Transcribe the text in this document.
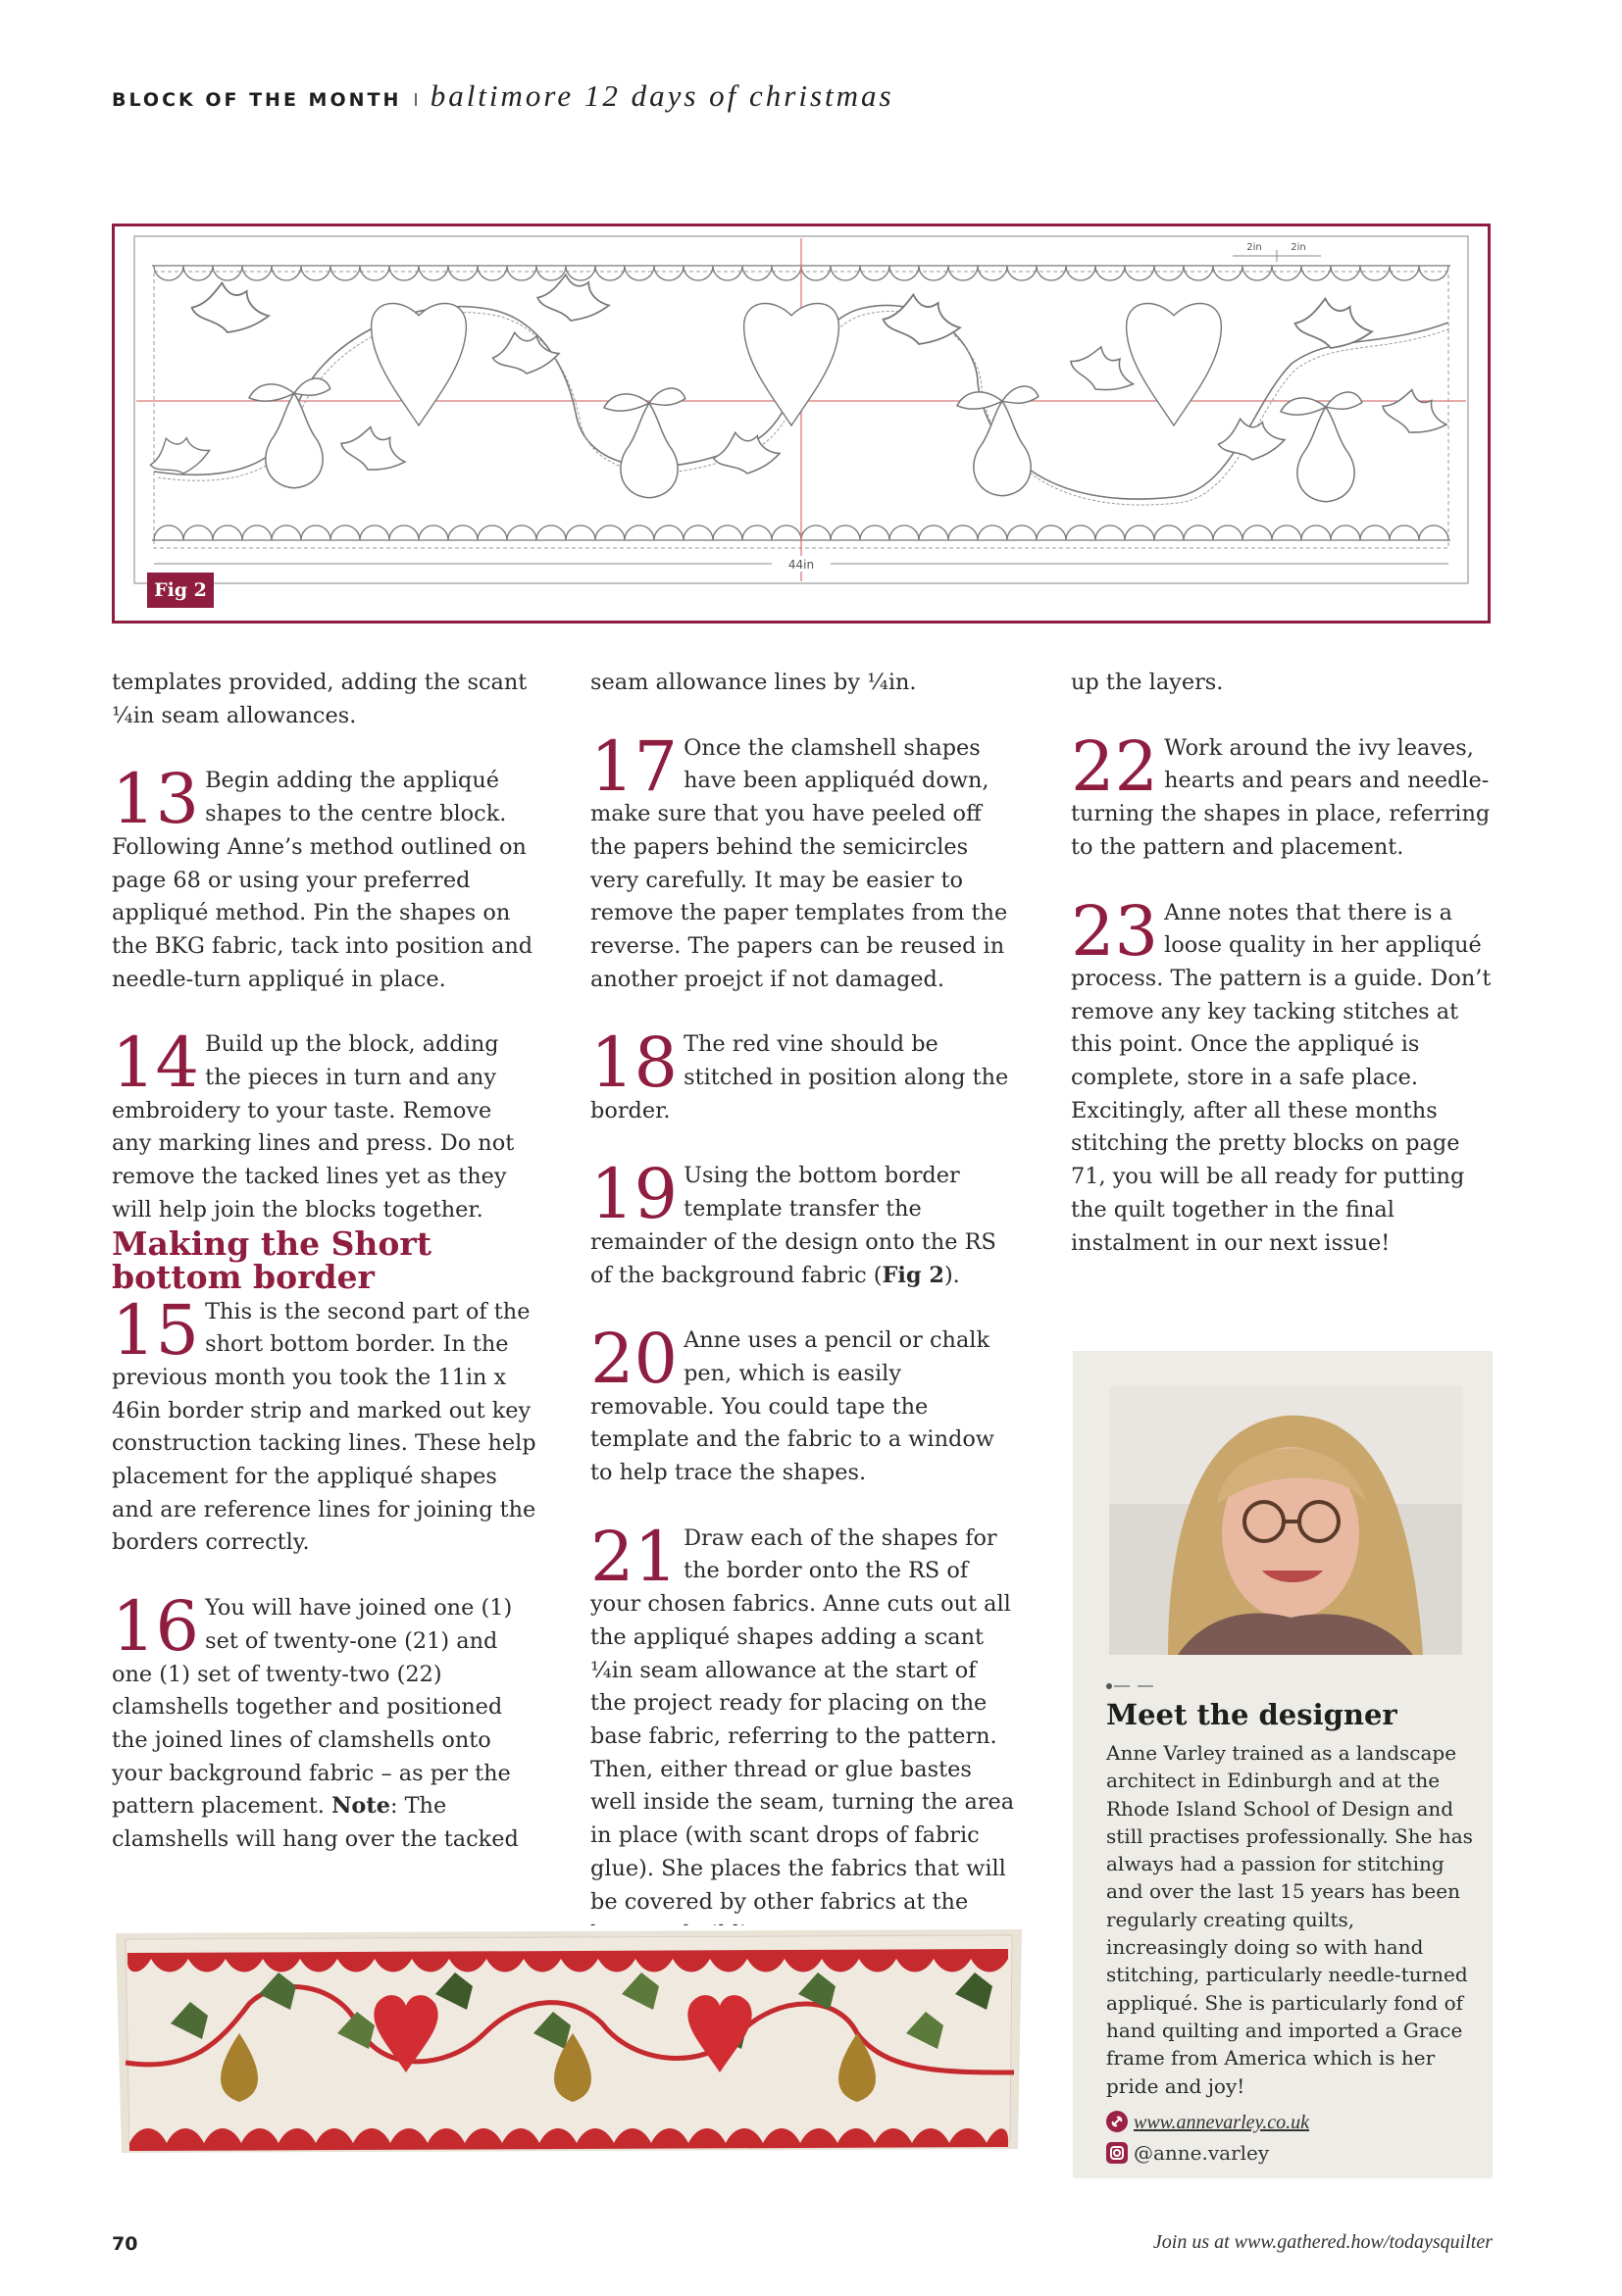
BLOCK OF THE MONTH I baltimore 12 days of christmas
44in
2in	2in
Fig 2

templates provided, adding the scant ¼in seam allowances.

13 Begin adding the appliqué shapes to the centre block. Following Anne’s method outlined on page 68 or using your preferred appliqué method. Pin the shapes on the BKG fabric, tack into position and needle-turn appliqué in place.

14 Build up the block, adding the pieces in turn and any embroidery to your taste. Remove any marking lines and press. Do not remove the tacked lines yet as they will help join the blocks together.

Making the Short bottom border

15 This is the second part of the short bottom border. In the previous month you took the 11in x 46in border strip and marked out key construction tacking lines. These help placement for the appliqué shapes and are reference lines for joining the borders correctly.

16 You will have joined one (1) set of twenty-one (21) and one (1) set of twenty-two (22) clamshells together and positioned the joined lines of clamshells onto your background fabric – as per the pattern placement. Note: The clamshells will hang over the tacked

seam allowance lines by ¼in.

17 Once the clamshell shapes have been appliquéd down, make sure that you have peeled off the papers behind the semicircles very carefully. It may be easier to remove the paper templates from the reverse. The papers can be reused in another proejct if not damaged.

18 The red vine should be stitched in position along the border.

19 Using the bottom border template transfer the remainder of the design onto the RS of the background fabric (Fig 2).

20 Anne uses a pencil or chalk pen, which is easily removable. You could tape the template and the fabric to a window to help trace the shapes.

21 Draw each of the shapes for the border onto the RS of your chosen fabrics. Anne cuts out all the appliqué shapes adding a scant ¼in seam allowance at the start of the project ready for placing on the base fabric, referring to the pattern. Then, either thread or glue bastes well inside the seam, turning the area in place (with scant drops of fabric glue). She places the fabrics that will be covered by other fabrics at the

up the layers.

22 Work around the ivy leaves, hearts and pears and needle-turning the shapes in place, referring to the pattern and placement.

23 Anne notes that there is a loose quality in her appliqué process. The pattern is a guide. Don’t remove any key tacking stitches at this point. Once the appliqué is complete, store in a safe place. Excitingly, after all these months stitching the pretty blocks on page 71, you will be all ready for putting the quilt together in the final instalment in our next issue!

Meet the designer
Anne Varley trained as a landscape architect in Edinburgh and at the Rhode Island School of Design and still practises professionally. She has always had a passion for stitching and over the last 15 years has been regularly creating quilts, increasingly doing so with hand stitching, particularly needle-turned appliqué. She is particularly fond of hand quilting and imported a Grace frame from America which is her pride and joy!
www.annevarley.co.uk
@anne.varley
70	Join us at www.gathered.how/todaysquilter
